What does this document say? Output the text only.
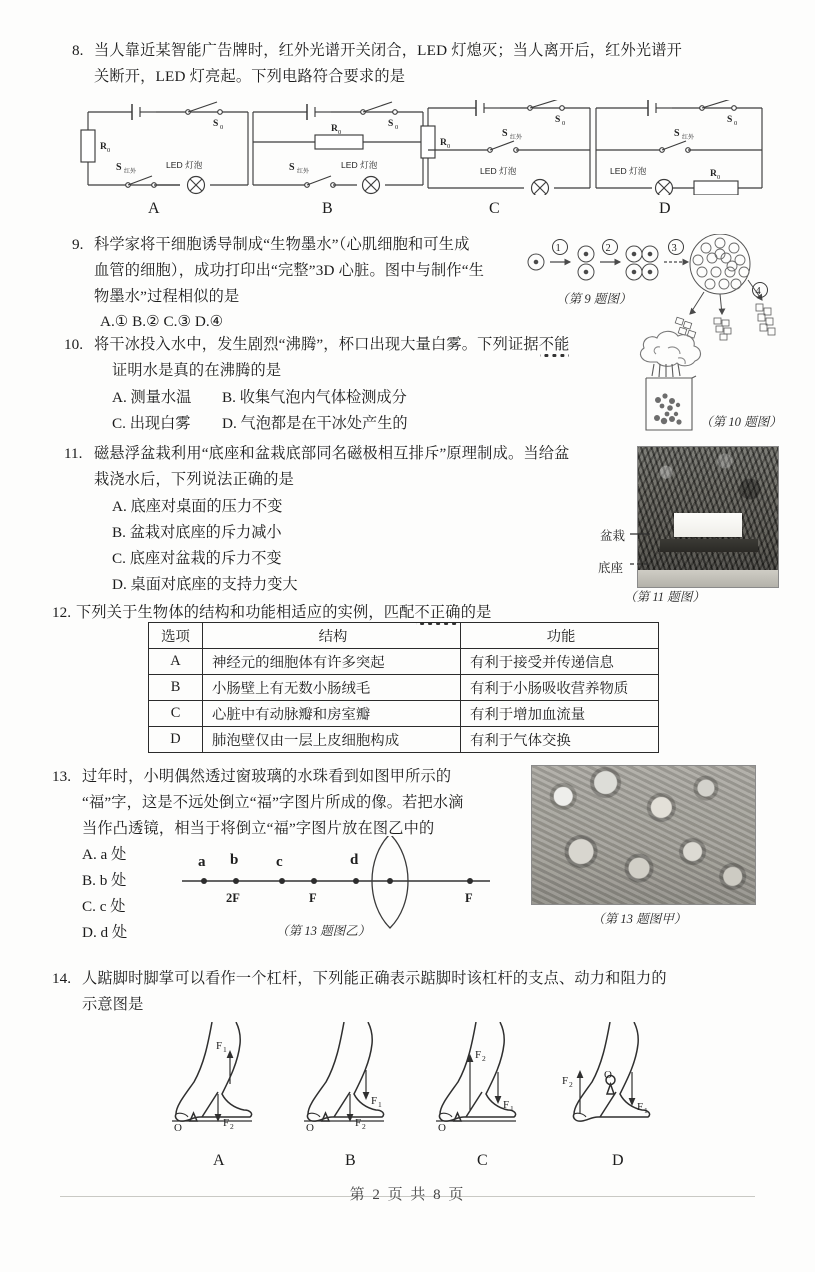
8. 当人靠近某智能广告牌时，红外光谱开关闭合，LED 灯熄灭；当人离开后，红外光谱开
关断开，LED 灯亮起。下列电路符合要求的是
R 0
S 0
S 红外
LED 灯泡
R 0
S 0
S 红外
LED 灯泡
R 0
S 0
S 红外
LED 灯泡
S 0
S 红外
LED 灯泡	R 0
A	B	C	D
9. 科学家将干细胞诱导制成“生物墨水”（心肌细胞和可生成
血管的细胞），成功打印出“完整”3D 心脏。图中与制作“生
物墨水”过程相似的是
A.① B.② C.③ D.④
1	2	3
4
（第 9 题图）
10. 将干冰投入水中，发生剧烈“沸腾”，杯口出现大量白雾。下列证据不能
证明水是真的在沸腾的是
A. 测量水温 B. 收集气泡内气体检测成分
C. 出现白雾 D. 气泡都是在干冰处产生的	（第 10 题图）
11. 磁悬浮盆栽利用“底座和盆栽底部同名磁极相互排斥”原理制成。当给盆
栽浇水后，下列说法正确的是
A. 底座对桌面的压力不变
B. 盆栽对底座的斥力减小
C. 底座对盆栽的斥力不变
D. 桌面对底座的支持力变大
盆栽
底座
（第 11 题图）
12. 下列关于生物体的结构和功能相适应的实例，匹配不正确的是
选项	结构	功能
A	神经元的细胞体有许多突起	有利于接受并传递信息
B	小肠壁上有无数小肠绒毛	有利于小肠吸收营养物质
C	心脏中有动脉瓣和房室瓣	有利于增加血流量
D	肺泡壁仅由一层上皮细胞构成	有利于气体交换
13. 过年时，小明偶然透过窗玻璃的水珠看到如图甲所示的
“福”字，这是不远处倒立“福”字图片所成的像。若把水滴
当作凸透镜，相当于将倒立“福”字图片放在图乙中的
A. a 处
B. b 处
C. c 处
D. d 处
a b	c	d
2F	F	F
（第 13 题图乙）
（第 13 题图甲）
14. 人踮脚时脚掌可以看作一个杠杆，下列能正确表示踮脚时该杠杆的支点、动力和阻力的
示意图是
F 1
F 2
O
F 1
F 2
O
F 2
F 1
O
F 2
F 1
O
A	B	C	D
第 2 页 共 8 页
